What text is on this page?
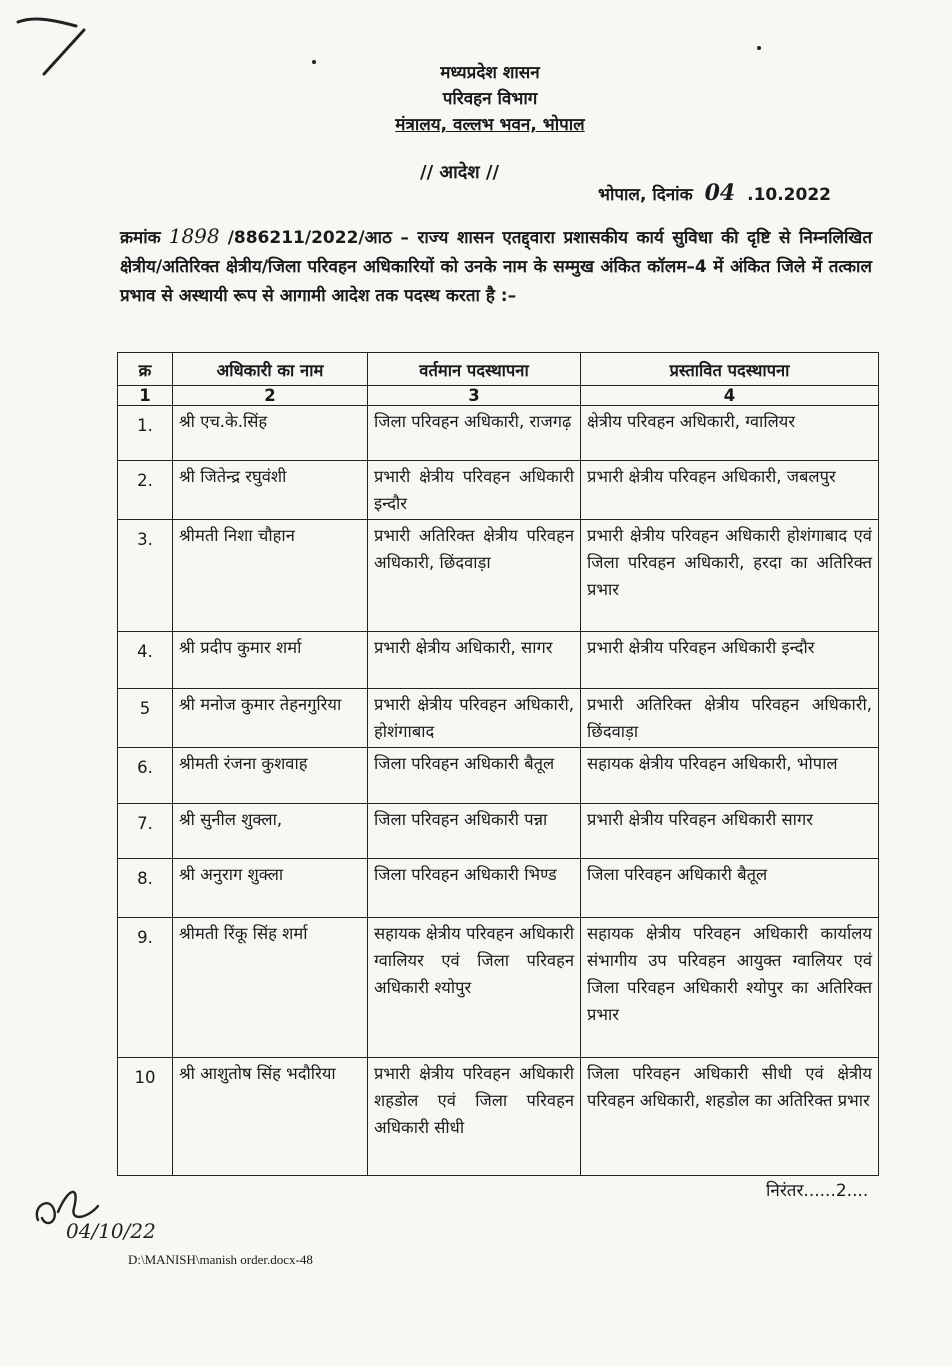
मध्यप्रदेश शासन
परिवहन विभाग
मंत्रालय, वल्लभ भवन, भोपाल
// आदेश //
भोपाल, दिनांक 04 .10.2022
क्रमांक 1898 /886211/2022/आठ – राज्य शासन एतद्द्वारा प्रशासकीय कार्य सुविधा की दृष्टि से निम्नलिखित क्षेत्रीय/अतिरिक्त क्षेत्रीय/जिला परिवहन अधिकारियों को उनके नाम के सम्मुख अंकित कॉलम–4 में अंकित जिले में तत्काल प्रभाव से अस्थायी रूप से आगामी आदेश तक पदस्थ करता है :–
क्र	अधिकारी का नाम	वर्तमान पदस्थापना	प्रस्तावित पदस्थापना
1	2	3	4
1.	श्री एच.के.सिंह	जिला परिवहन अधिकारी, राजगढ़	क्षेत्रीय परिवहन अधिकारी, ग्वालियर
2.	श्री जितेन्द्र रघुवंशी	प्रभारी क्षेत्रीय परिवहन अधिकारी इन्दौर	प्रभारी क्षेत्रीय परिवहन अधिकारी, जबलपुर
3.	श्रीमती निशा चौहान	प्रभारी अतिरिक्त क्षेत्रीय परिवहन अधिकारी, छिंदवाड़ा	प्रभारी क्षेत्रीय परिवहन अधिकारी होशंगाबाद एवं जिला परिवहन अधिकारी, हरदा का अतिरिक्त प्रभार
4.	श्री प्रदीप कुमार शर्मा	प्रभारी क्षेत्रीय अधिकारी, सागर	प्रभारी क्षेत्रीय परिवहन अधिकारी इन्दौर
5	श्री मनोज कुमार तेहनगुरिया	प्रभारी क्षेत्रीय परिवहन अधिकारी, होशंगाबाद	प्रभारी अतिरिक्त क्षेत्रीय परिवहन अधिकारी, छिंदवाड़ा
6.	श्रीमती रंजना कुशवाह	जिला परिवहन अधिकारी बैतूल	सहायक क्षेत्रीय परिवहन अधिकारी, भोपाल
7.	श्री सुनील शुक्ला,	जिला परिवहन अधिकारी पन्ना	प्रभारी क्षेत्रीय परिवहन अधिकारी सागर
8.	श्री अनुराग शुक्ला	जिला परिवहन अधिकारी भिण्ड	जिला परिवहन अधिकारी बैतूल
9.	श्रीमती रिंकू सिंह शर्मा	सहायक क्षेत्रीय परिवहन अधिकारी ग्वालियर एवं जिला परिवहन अधिकारी श्योपुर	सहायक क्षेत्रीय परिवहन अधिकारी कार्यालय संभागीय उप परिवहन आयुक्त ग्वालियर एवं जिला परिवहन अधिकारी श्योपुर का अतिरिक्त प्रभार
10	श्री आशुतोष सिंह भदौरिया	प्रभारी क्षेत्रीय परिवहन अधिकारी शहडोल एवं जिला परिवहन अधिकारी सीधी	जिला परिवहन अधिकारी सीधी एवं क्षेत्रीय परिवहन अधिकारी, शहडोल का अतिरिक्त प्रभार
निरंतर......2....
04/10/22
D:\MANISH\manish order.docx-48
